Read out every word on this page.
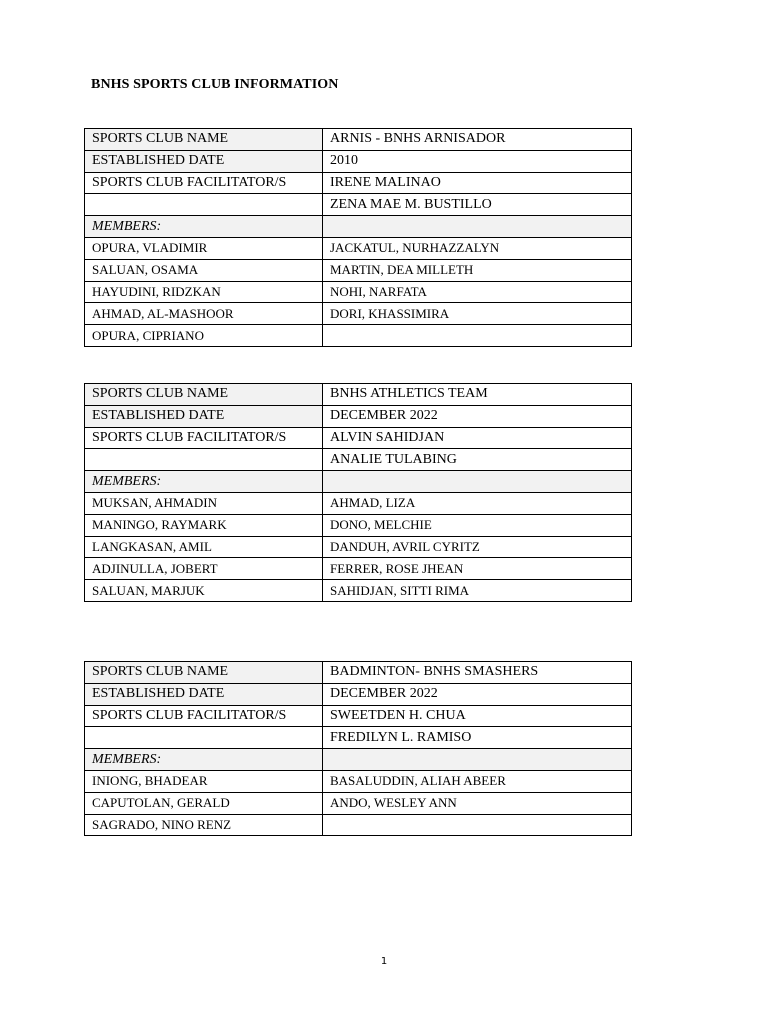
BNHS SPORTS CLUB INFORMATION
SPORTS CLUB NAME	ARNIS - BNHS ARNISADOR
ESTABLISHED DATE	2010
SPORTS CLUB FACILITATOR/S	IRENE MALINAO
	ZENA MAE M. BUSTILLO
MEMBERS:	
OPURA, VLADIMIR	JACKATUL, NURHAZZALYN
SALUAN, OSAMA	MARTIN, DEA MILLETH
HAYUDINI, RIDZKAN	NOHI, NARFATA
AHMAD, AL-MASHOOR	DORI, KHASSIMIRA
OPURA, CIPRIANO	
SPORTS CLUB NAME	BNHS ATHLETICS TEAM
ESTABLISHED DATE	DECEMBER 2022
SPORTS CLUB FACILITATOR/S	ALVIN SAHIDJAN
	ANALIE TULABING
MEMBERS:	
MUKSAN, AHMADIN	AHMAD, LIZA
MANINGO, RAYMARK	DONO, MELCHIE
LANGKASAN, AMIL	DANDUH, AVRIL CYRITZ
ADJINULLA, JOBERT	FERRER, ROSE JHEAN
SALUAN, MARJUK	SAHIDJAN, SITTI RIMA
SPORTS CLUB NAME	BADMINTON- BNHS SMASHERS
ESTABLISHED DATE	DECEMBER 2022
SPORTS CLUB FACILITATOR/S	SWEETDEN H. CHUA
	FREDILYN L. RAMISO
MEMBERS:	
INIONG, BHADEAR	BASALUDDIN, ALIAH ABEER
CAPUTOLAN, GERALD	ANDO, WESLEY ANN
SAGRADO, NINO RENZ	
1
